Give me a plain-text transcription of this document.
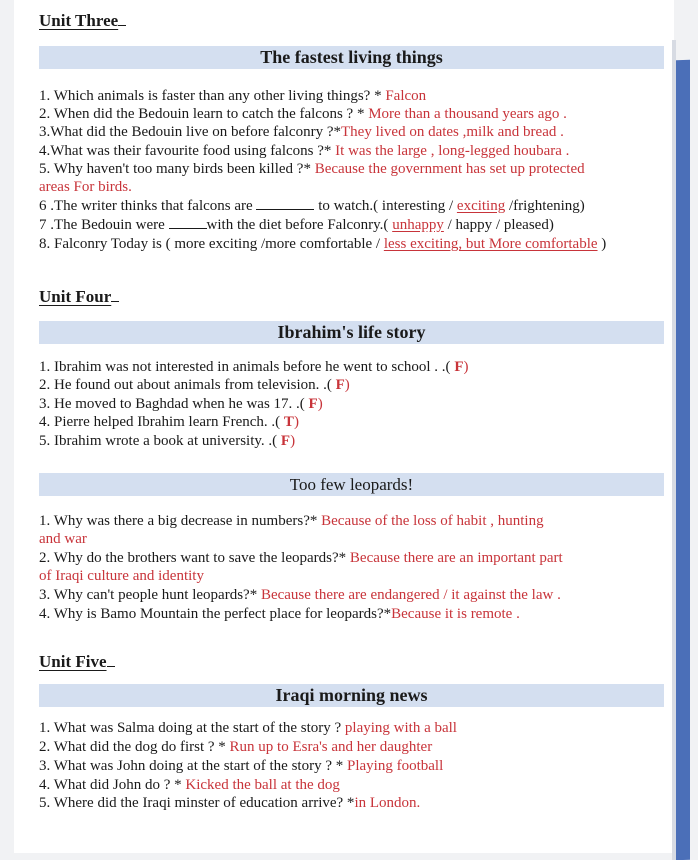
Unit Three
The fastest living things
1. Which animals is faster than any other living things? * Falcon
2. When did the Bedouin learn to catch the falcons ? * More than a thousand years ago .
3.What did the Bedouin live on before falconry ?*They lived on dates ,milk and bread .
4.What was their favourite food using falcons ?* It was the large , long-legged houbara .
5. Why haven't too many birds been killed ?* Because the government has set up protected
areas For birds.
6 .The writer thinks that falcons are	to watch.( interesting / exciting /frightening)
7 .The Bedouin were	with the diet before Falconry.( unhappy / happy / pleased)
8. Falconry Today is ( more exciting /more comfortable / less exciting, but More comfortable )
Unit Four
Ibrahim's life story
1. Ibrahim was not interested in animals before he went to school . .( F)
2. He found out about animals from television. .( F)
3. He moved to Baghdad when he was 17. .( F)
4. Pierre helped Ibrahim learn French. .( T)
5. Ibrahim wrote a book at university. .( F)
Too few leopards!
1. Why was there a big decrease in numbers?* Because of the loss of habit , hunting
and war
2. Why do the brothers want to save the leopards?* Because there are an important part
of Iraqi culture and identity
3. Why can't people hunt leopards?* Because there are endangered / it against the law .
4. Why is Bamo Mountain the perfect place for leopards?*Because it is remote .
Unit Five
Iraqi morning news
1. What was Salma doing at the start of the story ? playing with a ball
2. What did the dog do first ? * Run up to Esra's and her daughter
3. What was John doing at the start of the story ? * Playing football
4. What did John do ? * Kicked the ball at the dog
5. Where did the Iraqi minster of education arrive? *in London.
